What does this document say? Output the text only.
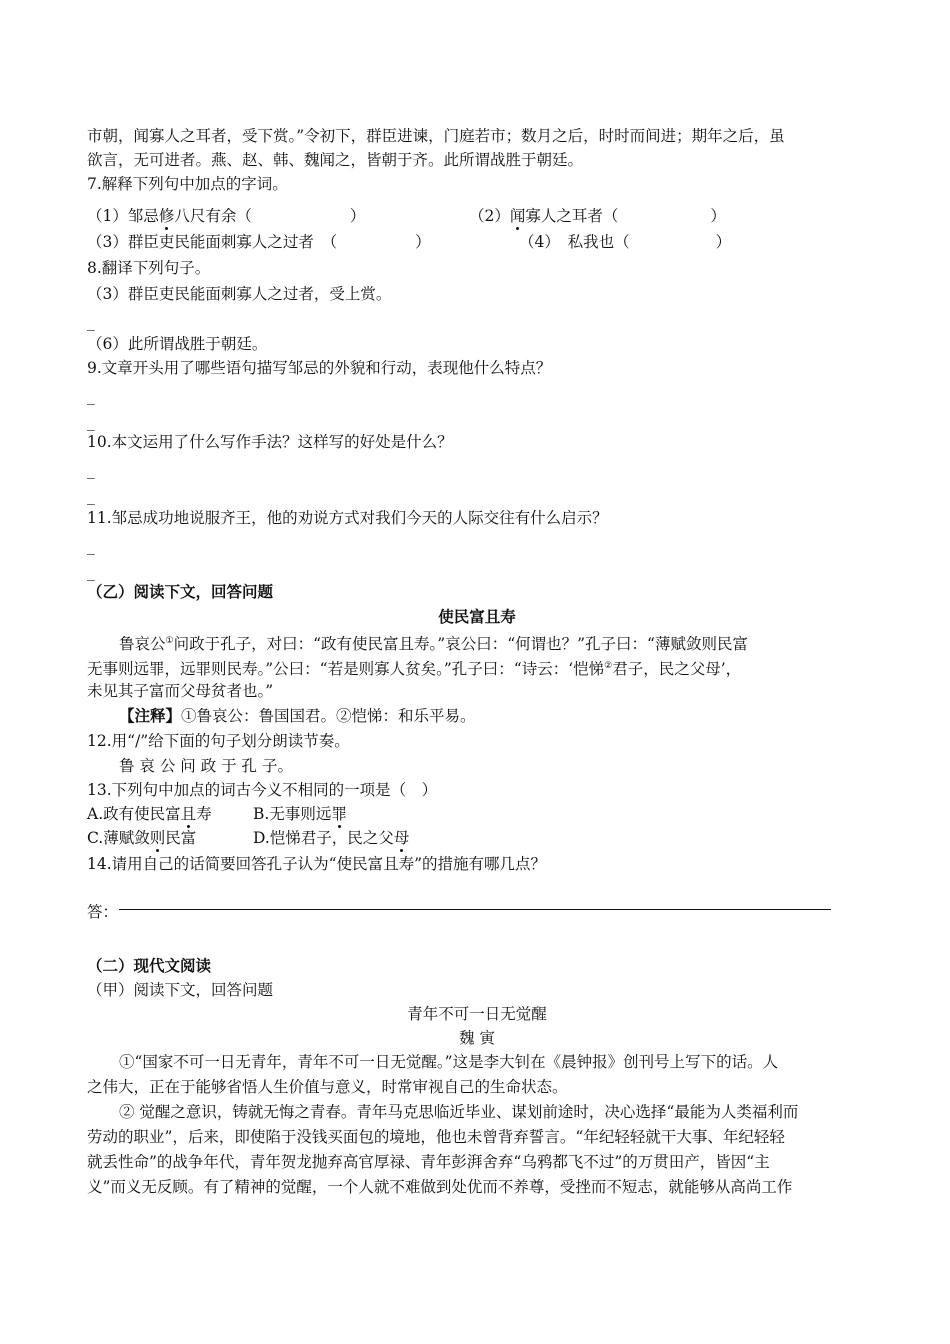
市朝，闻寡人之耳者，受下赏。”令初下，群臣进谏，门庭若市；数月之后，时时而间进；期年之后，虽
欲言，无可进者。燕、赵、韩、魏闻之，皆朝于齐。此所谓战胜于朝廷。
7.解释下列句中加点的字词。
（1）邹忌修八尺有余（	）	（2）闻寡人之耳者（	）
（3）群臣吏民能面刺寡人之过者　（	）	（4）　私我也（	）
8.翻译下列句子。
（3）群臣吏民能面刺寡人之过者，受上赏。
_
（6）此所谓战胜于朝廷。
9.文章开头用了哪些语句描写邹忌的外貌和行动，表现他什么特点？
_
_
10.本文运用了什么写作手法？这样写的好处是什么？
_
_
11.邹忌成功地说服齐王，他的劝说方式对我们今天的人际交往有什么启示？
_
_
（乙）阅读下文，回答问题
使民富且寿
鲁哀公①问政于孔子，对曰：“政有使民富且寿。”哀公曰：“何谓也？”孔子曰：“薄赋敛则民富
无事则远罪，远罪则民寿。”公曰：“若是则寡人贫矣。”孔子曰：“诗云：‘恺悌②君子，民之父母’，
未见其子富而父母贫者也。”
【注释】①鲁哀公：鲁国国君。②恺悌：和乐平易。
12.用“/”给下面的句子划分朗读节奏。
鲁 哀 公 问 政 于 孔 子。
13.下列句中加点的词古今义不相同的一项是（　）
A.政有使民富且寿	B.无事则远罪
C.薄赋敛则民富	D.恺悌君子，民之父母
14.请用自己的话简要回答孔子认为“使民富且寿”的措施有哪几点？
答：
（二）现代文阅读
（甲）阅读下文，回答问题
青年不可一日无觉醒
魏 寅
①“国家不可一日无青年，青年不可一日无觉醒。”这是李大钊在《晨钟报》创刊号上写下的话。人
之伟大，正在于能够省悟人生价值与意义，时常审视自己的生命状态。
② 觉醒之意识，铸就无悔之青春。青年马克思临近毕业、谋划前途时，决心选择“最能为人类福利而
劳动的职业”，后来，即使陷于没钱买面包的境地，他也未曾背弃誓言。“年纪轻轻就干大事、年纪轻轻
就丢性命”的战争年代，青年贺龙抛弃高官厚禄、青年彭湃舍弃“乌鸦都飞不过”的万贯田产，皆因“主
义”而义无反顾。有了精神的觉醒，一个人就不难做到处优而不养尊，受挫而不短志，就能够从高尚工作
